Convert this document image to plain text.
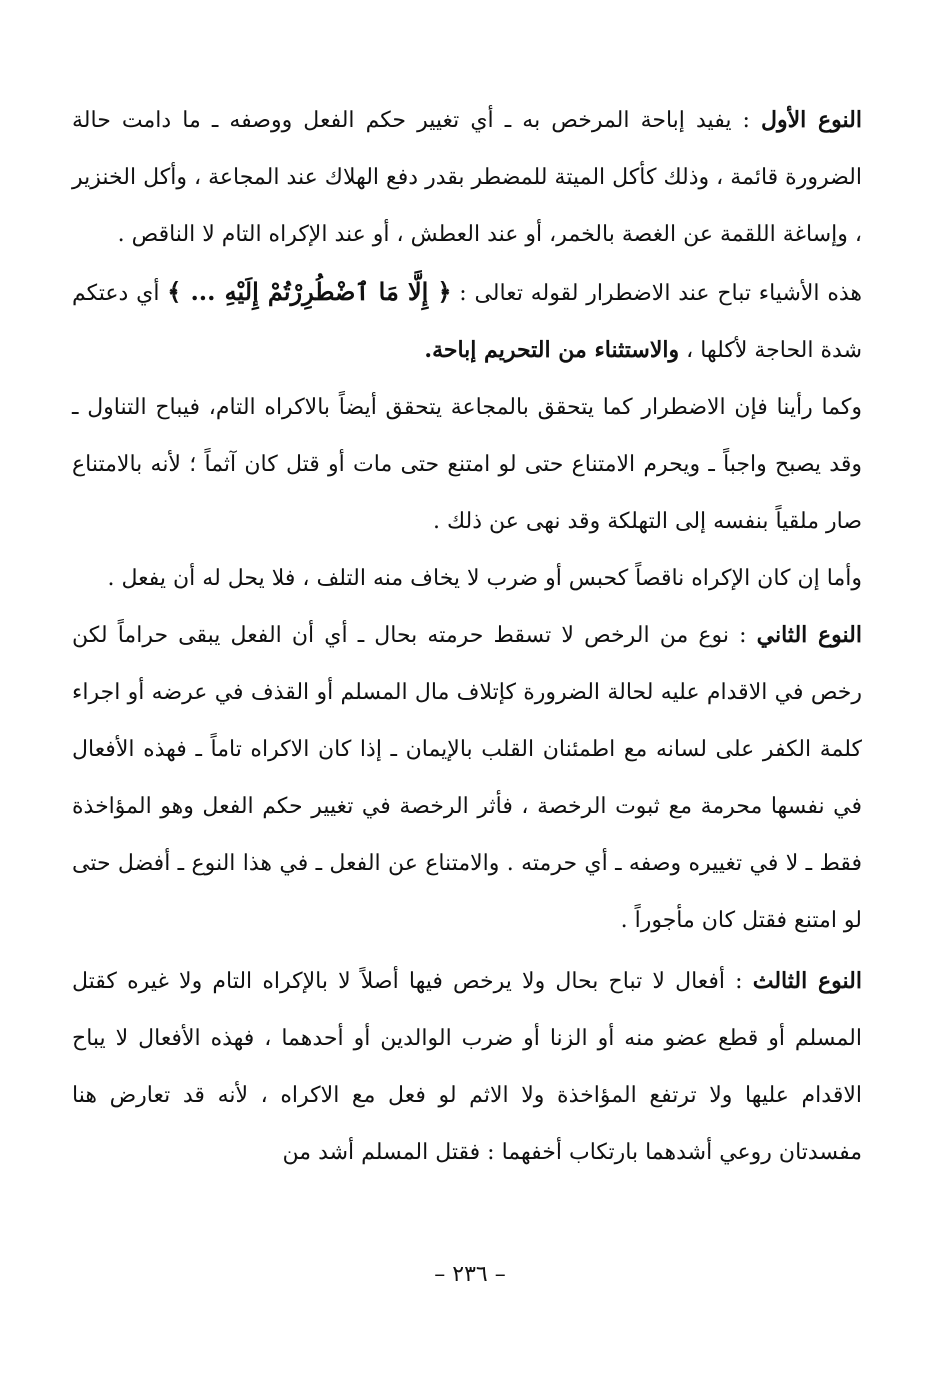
النوع الأول : يفيد إباحة المرخص به ـ أي تغيير حكم الفعل ووصفه ـ ما دامت حالة الضرورة قائمة ، وذلك كأكل الميتة للمضطر بقدر دفع الهلاك عند المجاعة ، وأكل الخنزير ، وإساغة اللقمة عن الغصة بالخمر، أو عند العطش ، أو عند الإكراه التام لا الناقص .

هذه الأشياء تباح عند الاضطرار لقوله تعالى : ﴿ إِلَّا مَا ٱضْطُرِرْتُمْ إِلَيْهِ ... ﴾ أي دعتكم شدة الحاجة لأكلها ، والاستثناء من التحريم إباحة.

وكما رأينا فإن الاضطرار كما يتحقق بالمجاعة يتحقق أيضاً بالاكراه التام، فيباح التناول ـ وقد يصبح واجباً ـ ويحرم الامتناع حتى لو امتنع حتى مات أو قتل كان آثماً ؛ لأنه بالامتناع صار ملقياً بنفسه إلى التهلكة وقد نهى عن ذلك .

وأما إن كان الإكراه ناقصاً كحبس أو ضرب لا يخاف منه التلف ، فلا يحل له أن يفعل .

النوع الثاني : نوع من الرخص لا تسقط حرمته بحال ـ أي أن الفعل يبقى حراماً لكن رخص في الاقدام عليه لحالة الضرورة كإتلاف مال المسلم أو القذف في عرضه أو اجراء كلمة الكفر على لسانه مع اطمئنان القلب بالإيمان ـ إذا كان الاكراه تاماً ـ فهذه الأفعال في نفسها محرمة مع ثبوت الرخصة ، فأثر الرخصة في تغيير حكم الفعل وهو المؤاخذة فقط ـ لا في تغييره وصفه ـ أي حرمته . والامتناع عن الفعل ـ في هذا النوع ـ أفضل حتى لو امتنع فقتل كان مأجوراً .

النوع الثالث : أفعال لا تباح بحال ولا يرخص فيها أصلاً لا بالإكراه التام ولا غيره كقتل المسلم أو قطع عضو منه أو الزنا أو ضرب الوالدين أو أحدهما ، فهذه الأفعال لا يباح الاقدام عليها ولا ترتفع المؤاخذة ولا الاثم لو فعل مع الاكراه ، لأنه قد تعارض هنا مفسدتان روعي أشدهما بارتكاب أخفهما : فقتل المسلم أشد من

– ٢٣٦ –
